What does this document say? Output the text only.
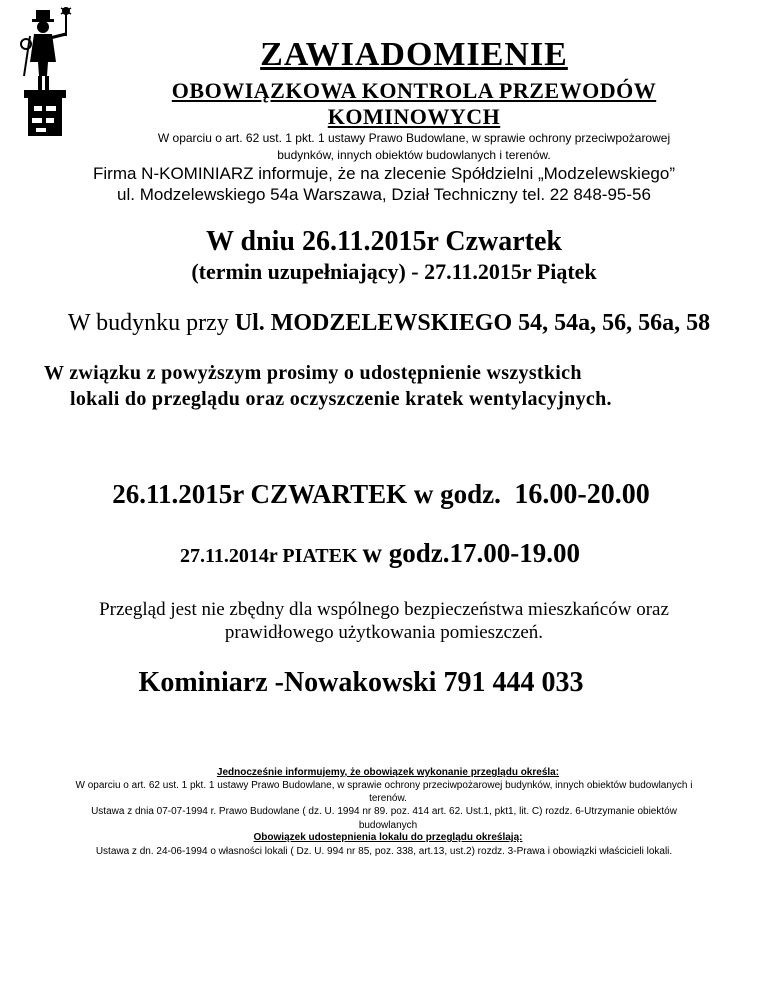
ZAWIADOMIENIE
OBOWIĄZKOWA KONTROLA PRZEWODÓW
KOMINOWYCH
W oparciu o art. 62 ust. 1 pkt. 1 ustawy Prawo Budowlane, w sprawie ochrony przeciwpożarowej
budynków, innych obiektów budowlanych i terenów.
Firma N-KOMINIARZ informuje, że na zlecenie Spółdzielni „Modzelewskiego”
ul. Modzelewskiego 54a Warszawa, Dział Techniczny tel. 22 848-95-56
W dniu 26.11.2015r Czwartek
(termin uzupełniający) - 27.11.2015r Piątek
W budynku przy Ul. MODZELEWSKIEGO 54, 54a, 56, 56a, 58
W związku z powyższym prosimy o udostępnienie wszystkich
lokali do przeglądu oraz oczyszczenie kratek wentylacyjnych.
26.11.2015r CZWARTEK w godz. 16.00-20.00
27.11.2014r PIATEK w godz.17.00-19.00
Przegląd jest nie zbędny dla wspólnego bezpieczeństwa mieszkańców oraz
prawidłowego użytkowania pomieszczeń.
Kominiarz -Nowakowski 791 444 033
Jednocześnie informujemy, że obowiązek wykonanie przeglądu określa:
W oparciu o art. 62 ust. 1 pkt. 1 ustawy Prawo Budowlane, w sprawie ochrony przeciwpożarowej budynków, innych obiektów budowlanych i
terenów.
Ustawa z dnia 07-07-1994 r. Prawo Budowlane ( dz. U. 1994 nr 89. poz. 414 art. 62. Ust.1, pkt1, lit. C) rozdz. 6-Utrzymanie obiektów
budowlanych
Obowiązek udostepnienia lokalu do przeglądu określają:
Ustawa z dn. 24-06-1994 o własności lokali ( Dz. U. 994 nr 85, poz. 338, art.13, ust.2) rozdz. 3-Prawa i obowiązki właścicieli lokali.
